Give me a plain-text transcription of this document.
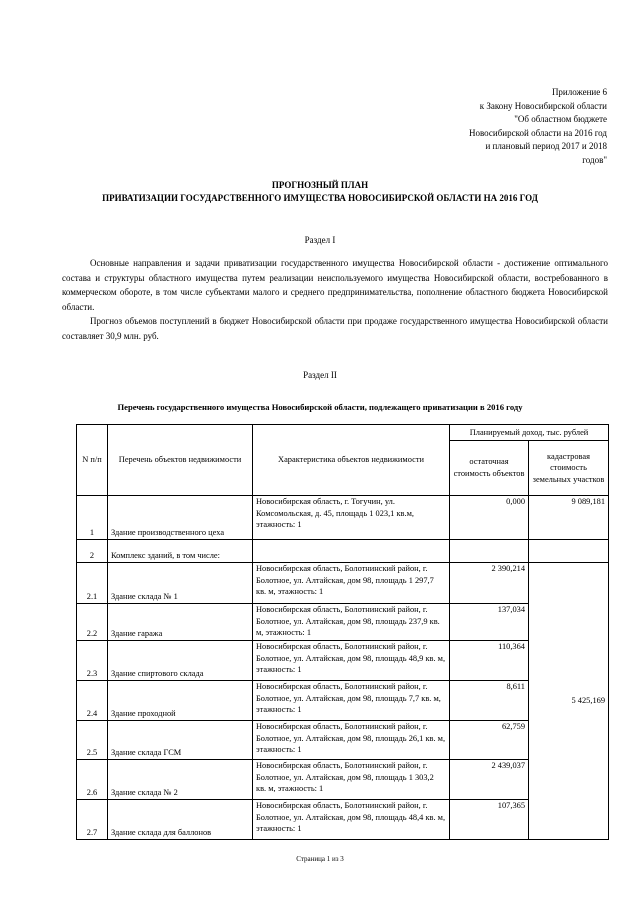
Приложение 6
к Закону Новосибирской области
"Об областном бюджете
Новосибирской области на 2016 год
и плановый период 2017 и 2018
годов"
ПРОГНОЗНЫЙ ПЛАН
ПРИВАТИЗАЦИИ ГОСУДАРСТВЕННОГО ИМУЩЕСТВА НОВОСИБИРСКОЙ ОБЛАСТИ НА 2016 ГОД
Раздел I
Основные направления и задачи приватизации государственного имущества Новосибирской области - достижение оптимального состава и структуры областного имущества путем реализации неиспользуемого имущества Новосибирской области, востребованного в коммерческом обороте, в том числе субъектами малого и среднего предпринимательства, пополнение областного бюджета Новосибирской области.
Прогноз объемов поступлений в бюджет Новосибирской области при продаже государственного имущества Новосибирской области составляет 30,9 млн. руб.
Раздел II
Перечень государственного имущества Новосибирской области, подлежащего приватизации в 2016 году
N п/п	Перечень объектов недвижимости	Характеристика объектов недвижимости	Планируемый доход, тыс. рублей	
			остаточная стоимость объектов	кадастровая стоимость земельных участков
1	Здание производственного цеха	Новосибирская область, г. Тогучин, ул. Комсомольская, д. 45, площадь 1 023,1 кв.м, этажность: 1	0,000	9 089,181
2	Комплекс зданий, в том числе:			
2.1	Здание склада № 1	Новосибирская область, Болотнинский район, г. Болотное, ул. Алтайская, дом 98, площадь 1 297,7 кв. м, этажность: 1	2 390,214	5 425,169
2.2	Здание гаража	Новосибирская область, Болотнинский район, г. Болотное, ул. Алтайская, дом 98, площадь 237,9 кв. м, этажность: 1	137,034	
2.3	Здание спиртового склада	Новосибирская область, Болотнинский район, г. Болотное, ул. Алтайская, дом 98, площадь 48,9 кв. м, этажность: 1	110,364	
2.4	Здание проходной	Новосибирская область, Болотнинский район, г. Болотное, ул. Алтайская, дом 98, площадь 7,7 кв. м, этажность: 1	8,611	
2.5	Здание склада ГСМ	Новосибирская область, Болотнинский район, г. Болотное, ул. Алтайская, дом 98, площадь 26,1 кв. м, этажность: 1	62,759	
2.6	Здание склада № 2	Новосибирская область, Болотнинский район, г. Болотное, ул. Алтайская, дом 98, площадь 1 303,2 кв. м, этажность: 1	2 439,037	
2.7	Здание склада для баллонов	Новосибирская область, Болотнинский район, г. Болотное, ул. Алтайская, дом 98, площадь 48,4 кв. м, этажность: 1	107,365	
Страница 1 из 3
